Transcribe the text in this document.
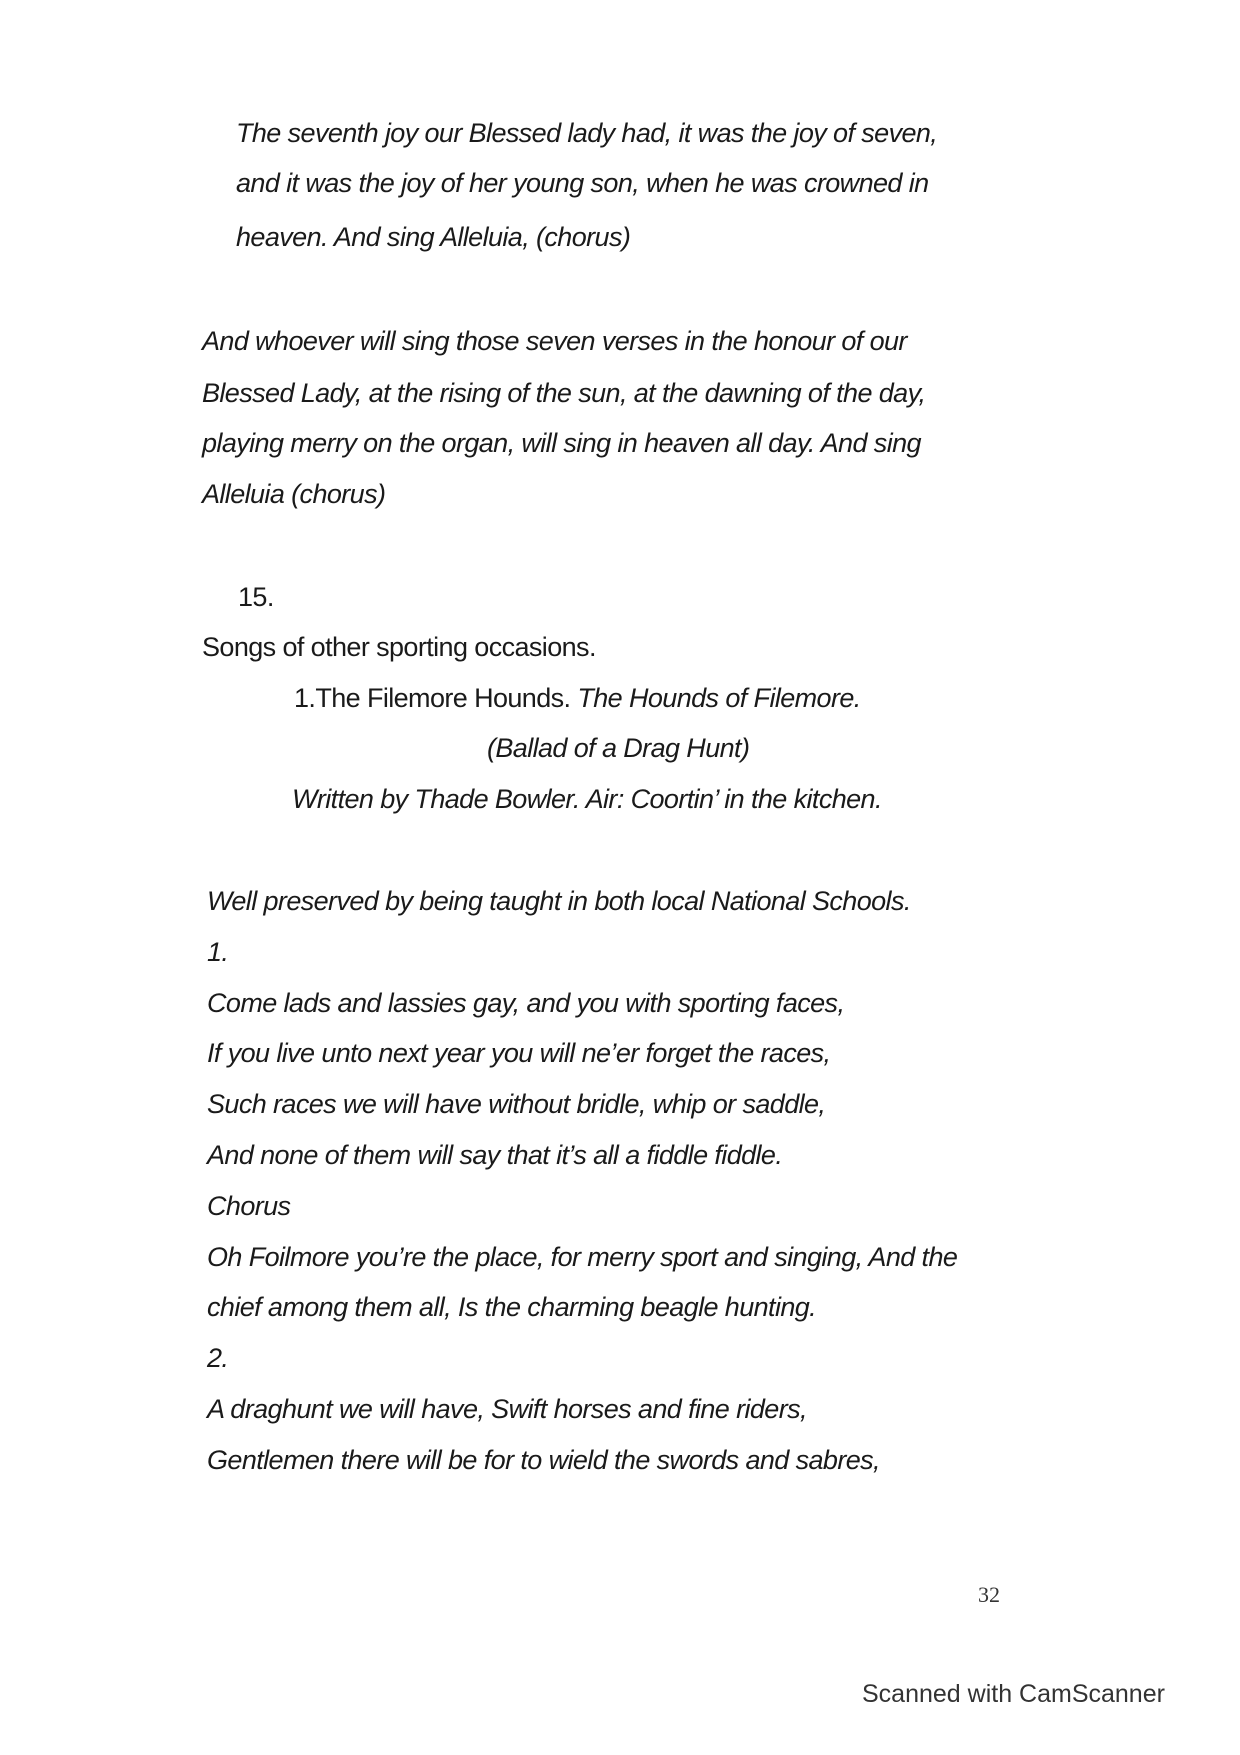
The seventh joy our Blessed lady had, it was the joy of seven,
and it was the joy of her young son, when he was crowned in
heaven. And sing Alleluia, (chorus)
And whoever will sing those seven verses in the honour of our
Blessed Lady, at the rising of the sun, at the dawning of the day,
playing merry on the organ, will sing in heaven all day. And sing
Alleluia (chorus)
15.
Songs of other sporting occasions.
1.The Filemore Hounds. The Hounds of Filemore.
(Ballad of a Drag Hunt)
Written by Thade Bowler. Air: Coortin’ in the kitchen.
Well preserved by being taught in both local National Schools.
1.
Come lads and lassies gay, and you with sporting faces,
If you live unto next year you will ne’er forget the races,
Such races we will have without bridle, whip or saddle,
And none of them will say that it’s all a fiddle fiddle.
Chorus
Oh Foilmore you’re the place, for merry sport and singing, And the
chief among them all, Is the charming beagle hunting.
2.
A draghunt we will have, Swift horses and fine riders,
Gentlemen there will be for to wield the swords and sabres,
32
Scanned with CamScanner
